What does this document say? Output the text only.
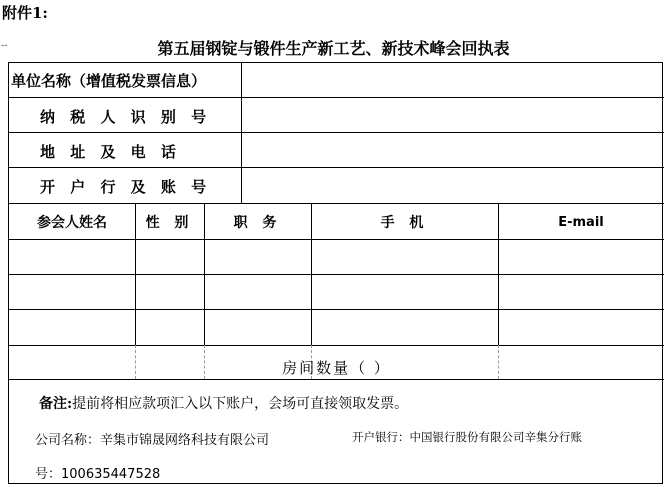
附件1:
↔	第五届钢锭与锻件生产新工艺、新技术峰会回执表
单位名称（增值税发票信息）
纳 税 人 识 别 号
地 址 及 电 话
开 户 行 及 账 号
参会人姓名	性 别	职 务	手 机	E-mail
房间数量（ ）
备注:提前将相应款项汇入以下账户，会场可直接领取发票。
公司名称：辛集市锦晟网络科技有限公司	开户银行：中国银行股份有限公司辛集分行账
号：100635447528
